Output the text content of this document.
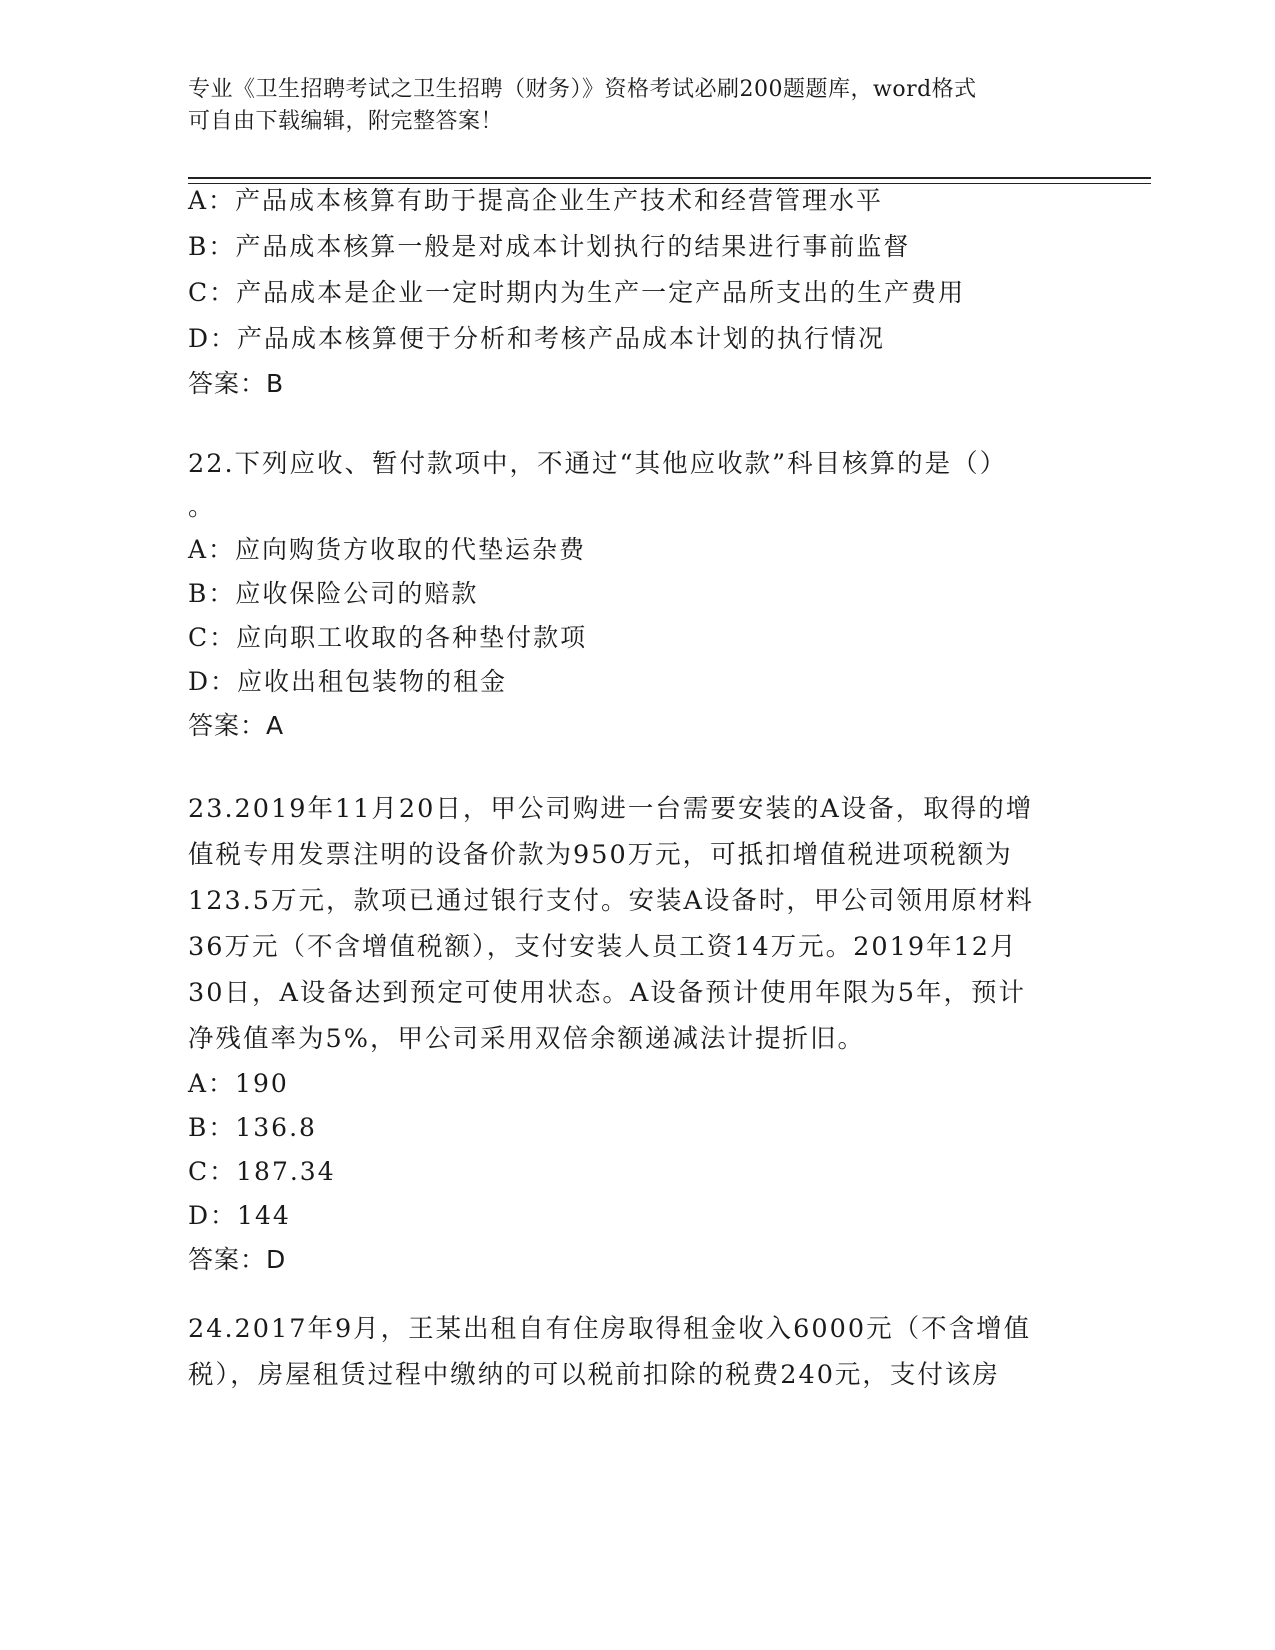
专业《卫生招聘考试之卫生招聘（财务）》资格考试必刷200题题库，word格式
可自由下载编辑，附完整答案！
A：产品成本核算有助于提高企业生产技术和经营管理水平
B：产品成本核算一般是对成本计划执行的结果进行事前监督
C：产品成本是企业一定时期内为生产一定产品所支出的生产费用
D：产品成本核算便于分析和考核产品成本计划的执行情况
答案：B
22.下列应收、暂付款项中，不通过“其他应收款”科目核算的是（）
。
A：应向购货方收取的代垫运杂费
B：应收保险公司的赔款
C：应向职工收取的各种垫付款项
D：应收出租包装物的租金
答案：A
23.2019年11月20日，甲公司购进一台需要安装的A设备，取得的增
值税专用发票注明的设备价款为950万元，可抵扣增值税进项税额为
123.5万元，款项已通过银行支付。安装A设备时，甲公司领用原材料
36万元（不含增值税额），支付安装人员工资14万元。2019年12月
30日，A设备达到预定可使用状态。A设备预计使用年限为5年，预计
净残值率为5%，甲公司采用双倍余额递减法计提折旧。
A：190
B：136.8
C：187.34
D：144
答案：D
24.2017年9月，王某出租自有住房取得租金收入6000元（不含增值
税），房屋租赁过程中缴纳的可以税前扣除的税费240元，支付该房
